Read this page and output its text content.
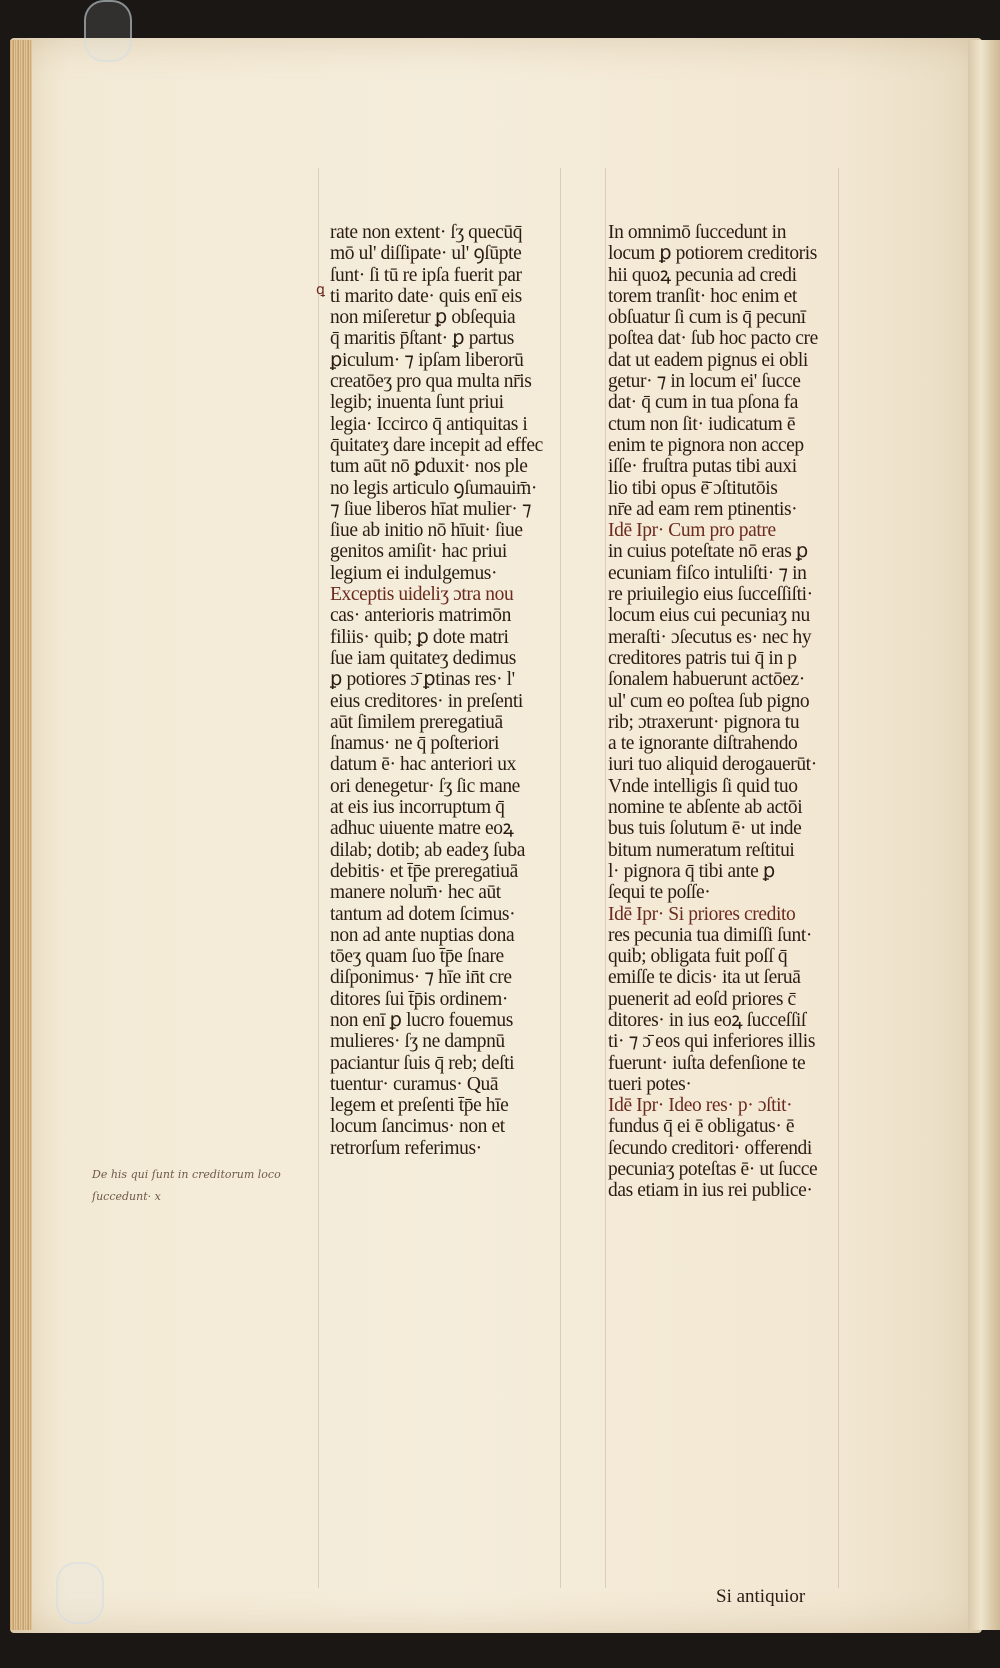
ꝗ
rate non extent· ſʒ quecūq̄
mō ul' diſſipate· ul' ꝯſūpte
ſunt· ſi tū re ipſa fuerit par
ti marito date· quis enī eis
non miſeretur ꝑ obſequia
q̄ maritis p̄ſtant· ꝑ partus
ꝑiculum· ⁊ ipſam liberorū
creatōeʒ pro qua multa nr̄is
legib; inuenta ſunt priui
legia· Iccirco q̄ antiquitas i
q̄uitateʒ dare incepit ad effec
tum aūt nō ꝑduxit· nos ple
no legis articulo ꝯſumauim̄·
⁊ ſiue liberos hīat mulier· ⁊
ſiue ab initio nō hīuit· ſiue
genitos amiſit· hac priui
legium ei indulgemus·
Exceptis uideliʒ ɔtra nou
cas· anterioris matrimōn
filiis· quib; ꝑ dote matri
ſue iam quitateʒ dedimus
ꝑ potiores ɔ̄ ꝑtinas res· l'
eius creditores· in preſenti
aūt ſimilem preregatiuā
ſnamus· ne q̄ poſteriori
datum ē· hac anteriori ux
ori denegetur· ſʒ ſic mane
at eis ius incorruptum q̄
adhuc uiuente matre eoꝝ
dilab; dotib; ab eadeʒ ſuba
debitis· et t̄p̄e preregatiuā
manere nolum̄· hec aūt
tantum ad dotem ſcimus·
non ad ante nuptias dona
tōeʒ quam ſuo t̄p̄e ſnare
diſponimus· ⁊ hīe in̄t cre
ditores ſui t̄p̄is ordinem·
non enī ꝑ lucro fouemus
mulieres· ſʒ ne dampnū
paciantur ſuis q̄ reb; deſti
tuentur· curamus· Quā
legem et preſenti t̄p̄e hīe
locum ſancimus· non et
retrorſum referimus·
In omnimō ſuccedunt in
locum ꝑ potiorem creditoris
hii quoꝝ pecunia ad credi
torem tranſit· hoc enim et
obſuatur ſi cum is q̄ pecunī
poſtea dat· ſub hoc pacto cre
dat ut eadem pignus ei obli
getur· ⁊ in locum ei' ſucce
dat· q̄ cum in tua pſona fa
ctum non ſit· iudicatum ē
enim te pignora non accep
iſſe· fruſtra putas tibi auxi
lio tibi opus ē̄ ɔſtitutōis
nr̄e ad eam rem ptinentis·
Idē Ipr· Cum pro patre
in cuius poteſtate nō eras ꝑ
ecuniam fiſco intuliſti· ⁊ in
re priuilegio eius ſucceſſiſti·
locum eius cui pecuniaʒ nu
meraſti· ɔſecutus es· nec hy
creditores patris tui q̄ in p
ſonalem habuerunt actōez·
ul' cum eo poſtea ſub pigno
rib; ɔtraxerunt· pignora tu
a te ignorante diſtrahendo
iuri tuo aliquid derogauerūt·
Vnde intelligis ſi quid tuo
nomine te abſente ab actōi
bus tuis ſolutum ē· ut inde
bitum numeratum reſtitui
l· pignora q̄ tibi ante ꝑ
ſequi te poſſe·
Idē Ipr· Si priores credito
res pecunia tua dimiſſi ſunt·
quib; obligata fuit poſſ q̄
emiſſe te dicis· ita ut ſeruā
puenerit ad eoſd priores c̄
ditores· in ius eoꝝ ſucceſſiſ
ti· ⁊ ɔ̄ eos qui inferiores illis
fuerunt· iuſta defenſione te
tueri potes·
Idē Ipr· Ideo res· p· ɔſtit·
fundus q̄ ei ē obligatus· ē
ſecundo creditori· offerendi
pecuniaʒ poteſtas ē· ut ſucce
das etiam in ius rei publice·
De his qui ſunt in creditorum loco
ſuccedunt· x
Si antiquior
